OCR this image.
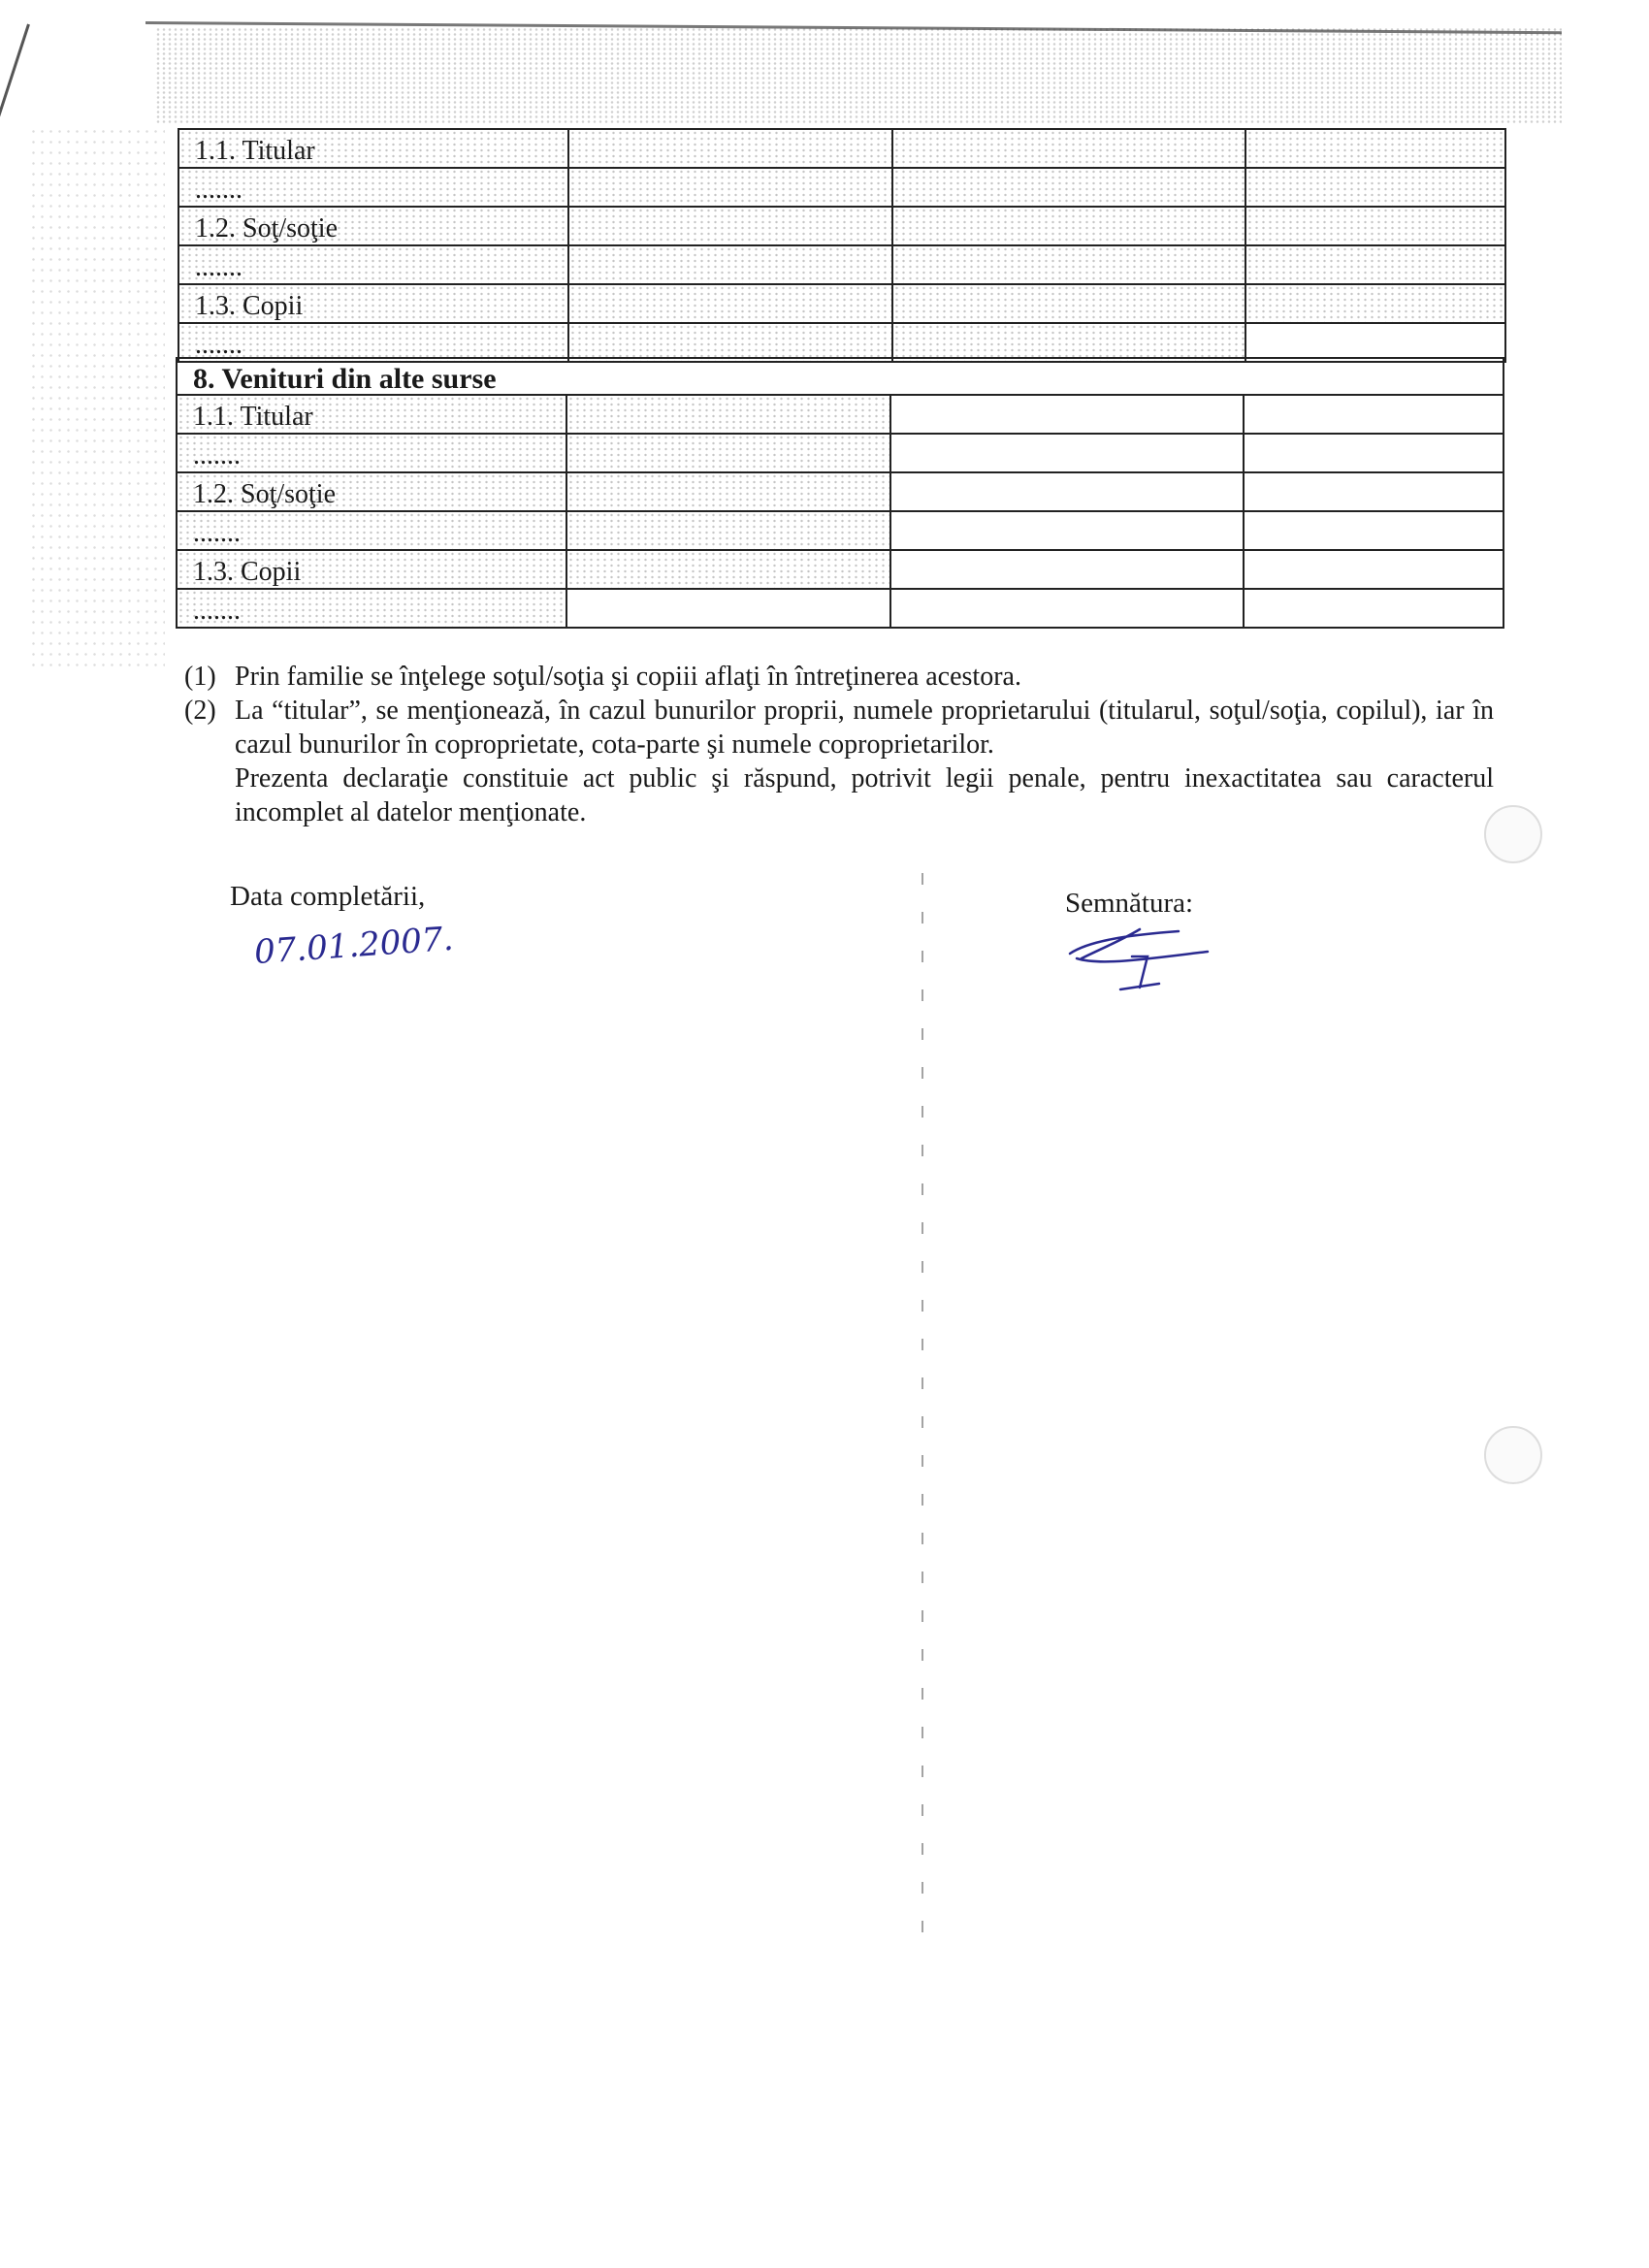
1.1. Titular			
.......			
1.2. Soţ/soţie			
.......			
1.3. Copii			
.......			
8. Venituri din alte surse			
1.1. Titular			
.......			
1.2. Soţ/soţie			
.......			
1.3. Copii			
.......			
(1) Prin familie se înţelege soţul/soţia şi copiii aflaţi în întreţinerea acestora.
(2) La “titular”, se menţionează, în cazul bunurilor proprii, numele proprietarului (titularul, soţul/soţia, copilul), iar în cazul bunurilor în coproprietate, cota-parte şi numele coproprietarilor.
Prezenta declaraţie constituie act public şi răspund, potrivit legii penale, pentru inexactitatea sau caracterul incomplet al datelor menţionate.
Data completării,
07.01.2007.
Semnătura:
